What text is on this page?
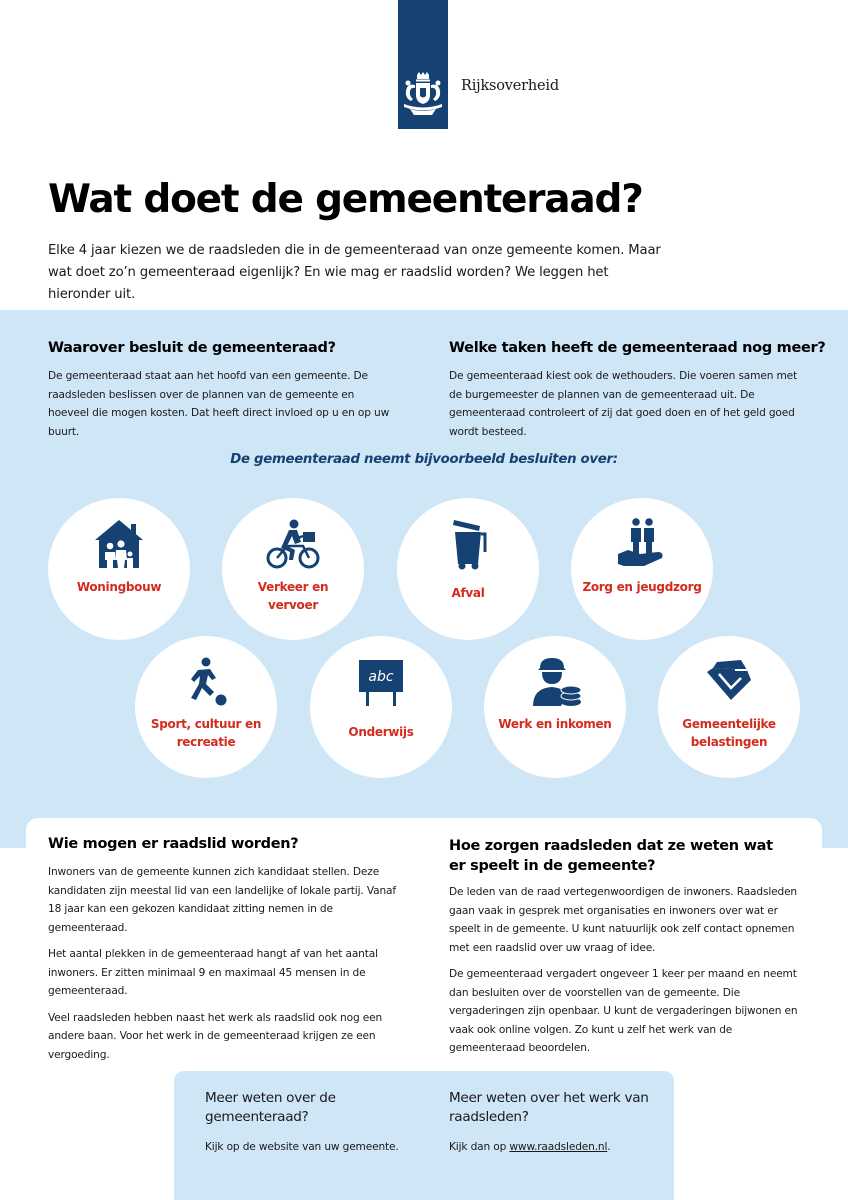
Rijksoverheid
Wat doet de gemeenteraad?

Elke 4 jaar kiezen we de raadsleden die in de gemeenteraad van onze gemeente komen. Maar wat doet zo’n gemeenteraad eigenlijk? En wie mag er raadslid worden? We leggen het hieronder uit.

Waarover besluit de gemeenteraad?

De gemeenteraad staat aan het hoofd van een gemeente. De raadsleden beslissen over de plannen van de gemeente en hoeveel die mogen kosten. Dat heeft direct invloed op u en op uw buurt.

Welke taken heeft de gemeenteraad nog meer?

De gemeenteraad kiest ook de wethouders. Die voeren samen met de burgemeester de plannen van de gemeenteraad uit. De gemeenteraad controleert of zij dat goed doen en of het geld goed wordt besteed.

De gemeenteraad neemt bijvoorbeeld besluiten over:
Woningbouw	Verkeer en vervoer
Afval	Zorg en jeugdzorg
Sport, cultuur en recreatie
abc
Onderwijs
Werk en inkomen	Gemeentelijke belastingen
Wie mogen er raadslid worden?

Inwoners van de gemeente kunnen zich kandidaat stellen. Deze kandidaten zijn meestal lid van een landelijke of lokale partij. Vanaf 18 jaar kan een gekozen kandidaat zitting nemen in de gemeenteraad.

Het aantal plekken in de gemeenteraad hangt af van het aantal inwoners. Er zitten minimaal 9 en maximaal 45 mensen in de gemeenteraad.

Veel raadsleden hebben naast het werk als raadslid ook nog een andere baan. Voor het werk in de gemeenteraad krijgen ze een vergoeding.

Hoe zorgen raadsleden dat ze weten wat er speelt in de gemeente?

De leden van de raad vertegenwoordigen de inwoners. Raadsleden gaan vaak in gesprek met organisaties en inwoners over wat er speelt in de gemeente. U kunt natuurlijk ook zelf contact opnemen met een raadslid over uw vraag of idee.

De gemeenteraad vergadert ongeveer 1 keer per maand en neemt dan besluiten over de voorstellen van de gemeente. Die vergaderingen zijn openbaar. U kunt de vergaderingen bijwonen en vaak ook online volgen. Zo kunt u zelf het werk van de gemeenteraad beoordelen.

Meer weten over de gemeenteraad?
Kijk op de website van uw gemeente.
Meer weten over het werk van raadsleden?
Kijk dan op www.raadsleden.nl.
